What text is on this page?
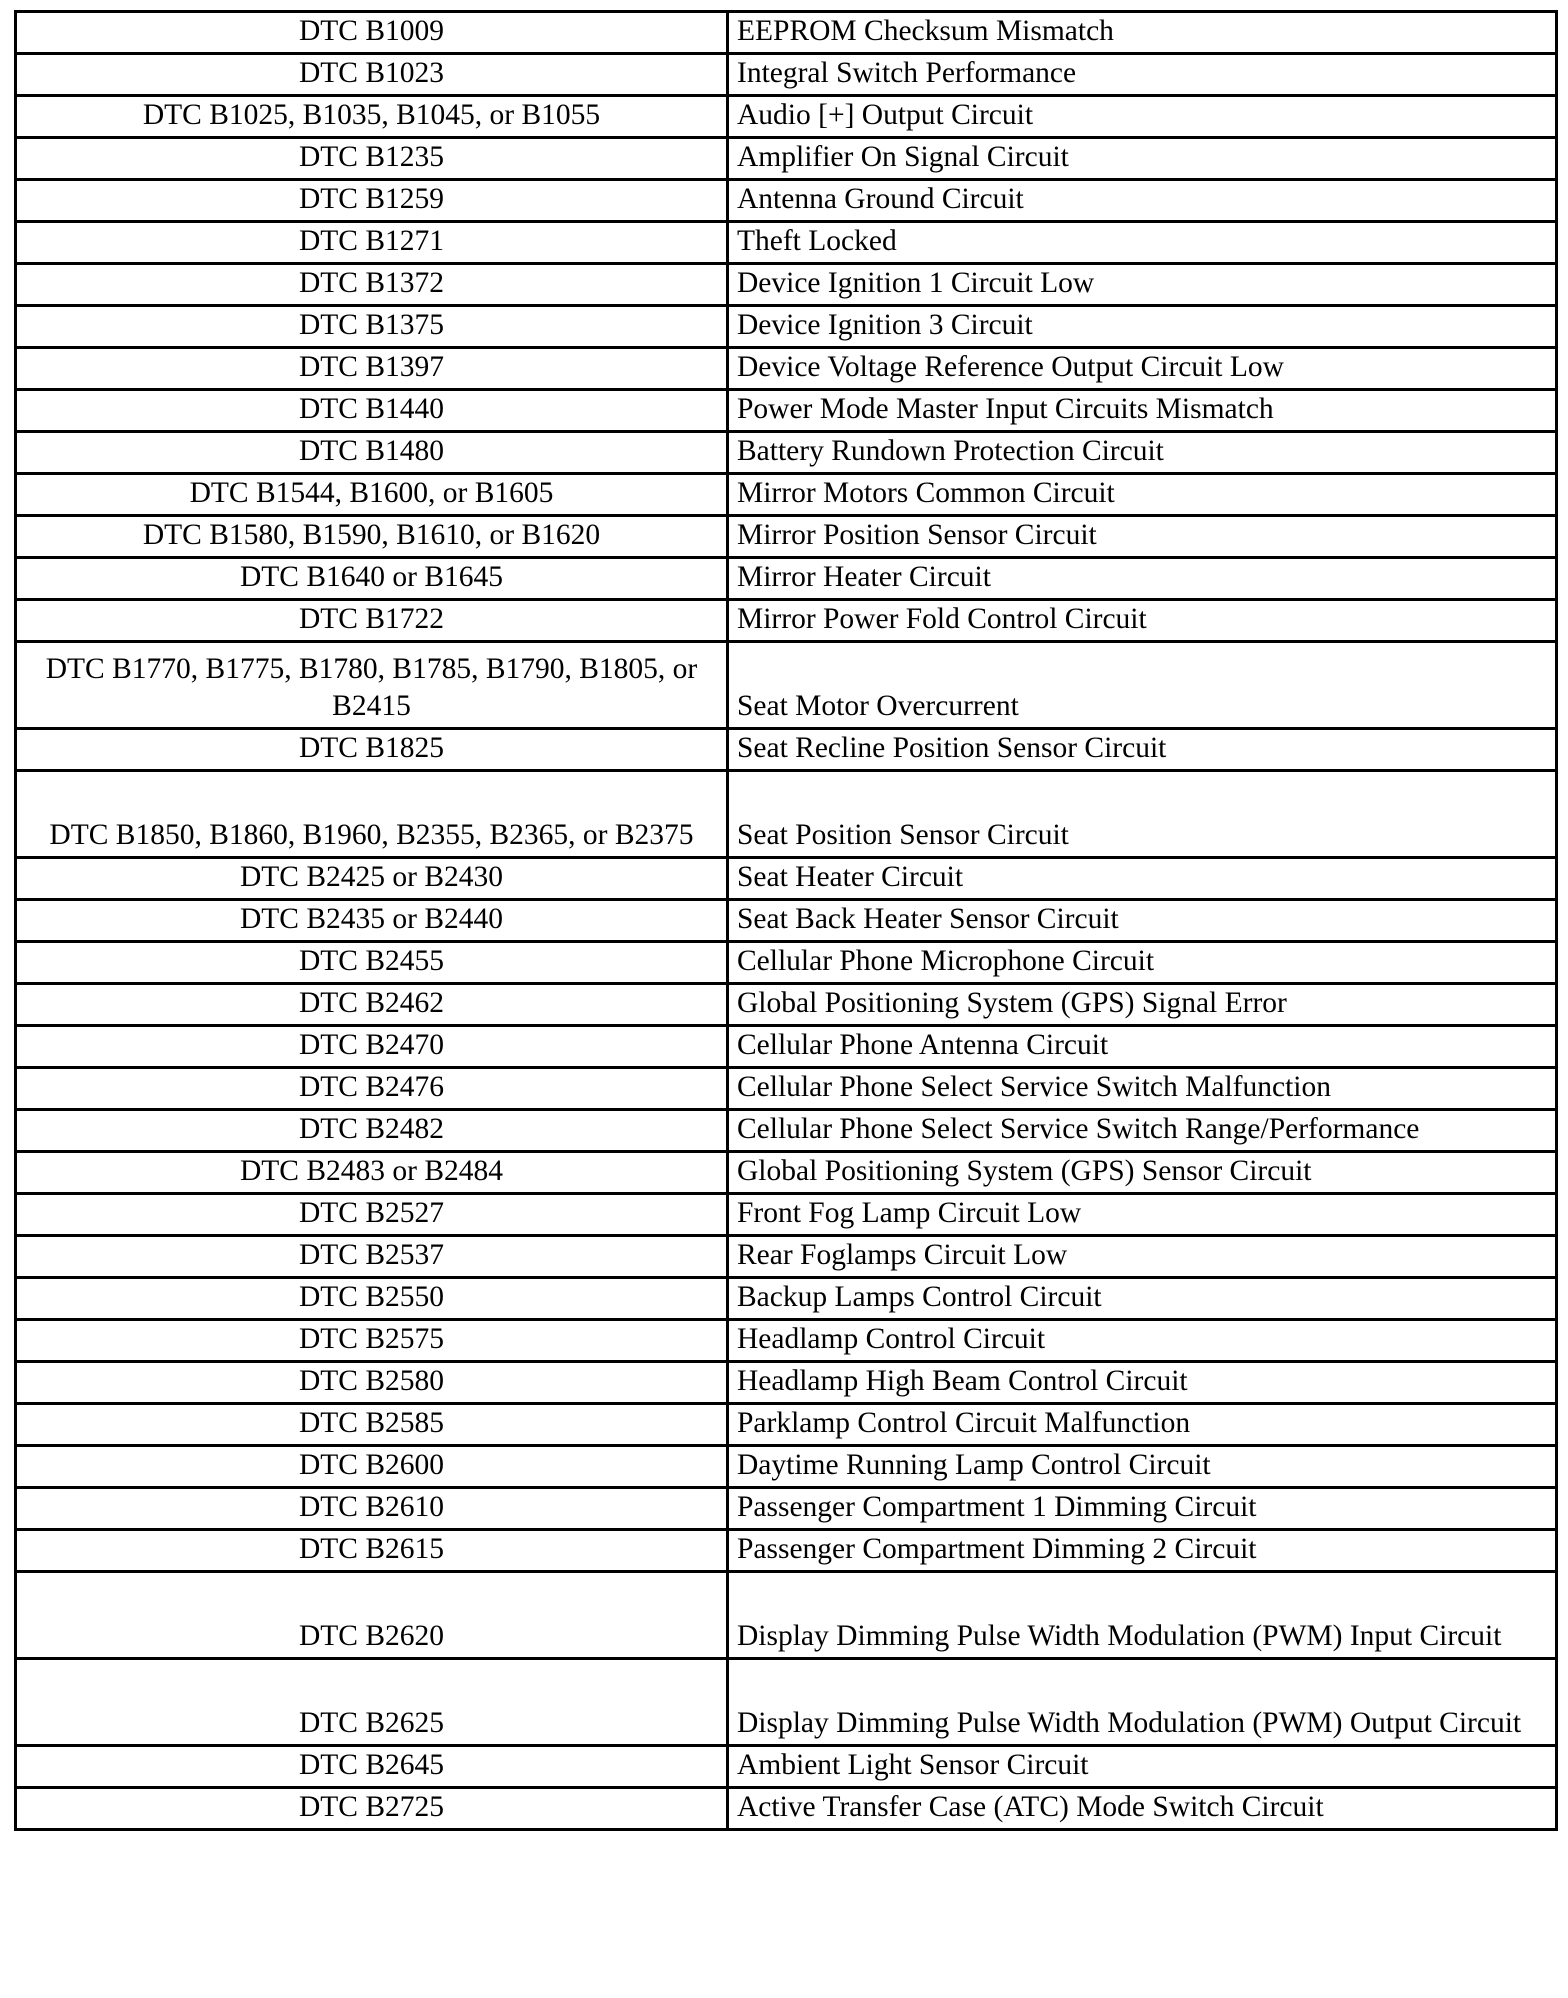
DTC B1009	EEPROM Checksum Mismatch
DTC B1023	Integral Switch Performance
DTC B1025, B1035, B1045, or B1055	Audio [+] Output Circuit
DTC B1235	Amplifier On Signal Circuit
DTC B1259	Antenna Ground Circuit
DTC B1271	Theft Locked
DTC B1372	Device Ignition 1 Circuit Low
DTC B1375	Device Ignition 3 Circuit
DTC B1397	Device Voltage Reference Output Circuit Low
DTC B1440	Power Mode Master Input Circuits Mismatch
DTC B1480	Battery Rundown Protection Circuit
DTC B1544, B1600, or B1605	Mirror Motors Common Circuit
DTC B1580, B1590, B1610, or B1620	Mirror Position Sensor Circuit
DTC B1640 or B1645	Mirror Heater Circuit
DTC B1722	Mirror Power Fold Control Circuit
DTC B1770, B1775, B1780, B1785, B1790, B1805, or B2415	Seat Motor Overcurrent
DTC B1825	Seat Recline Position Sensor Circuit
DTC B1850, B1860, B1960, B2355, B2365, or B2375	Seat Position Sensor Circuit
DTC B2425 or B2430	Seat Heater Circuit
DTC B2435 or B2440	Seat Back Heater Sensor Circuit
DTC B2455	Cellular Phone Microphone Circuit
DTC B2462	Global Positioning System (GPS) Signal Error
DTC B2470	Cellular Phone Antenna Circuit
DTC B2476	Cellular Phone Select Service Switch Malfunction
DTC B2482	Cellular Phone Select Service Switch Range/Performance
DTC B2483 or B2484	Global Positioning System (GPS) Sensor Circuit
DTC B2527	Front Fog Lamp Circuit Low
DTC B2537	Rear Foglamps Circuit Low
DTC B2550	Backup Lamps Control Circuit
DTC B2575	Headlamp Control Circuit
DTC B2580	Headlamp High Beam Control Circuit
DTC B2585	Parklamp Control Circuit Malfunction
DTC B2600	Daytime Running Lamp Control Circuit
DTC B2610	Passenger Compartment 1 Dimming Circuit
DTC B2615	Passenger Compartment Dimming 2 Circuit
DTC B2620	Display Dimming Pulse Width Modulation (PWM) Input Circuit
DTC B2625	Display Dimming Pulse Width Modulation (PWM) Output Circuit
DTC B2645	Ambient Light Sensor Circuit
DTC B2725	Active Transfer Case (ATC) Mode Switch Circuit
